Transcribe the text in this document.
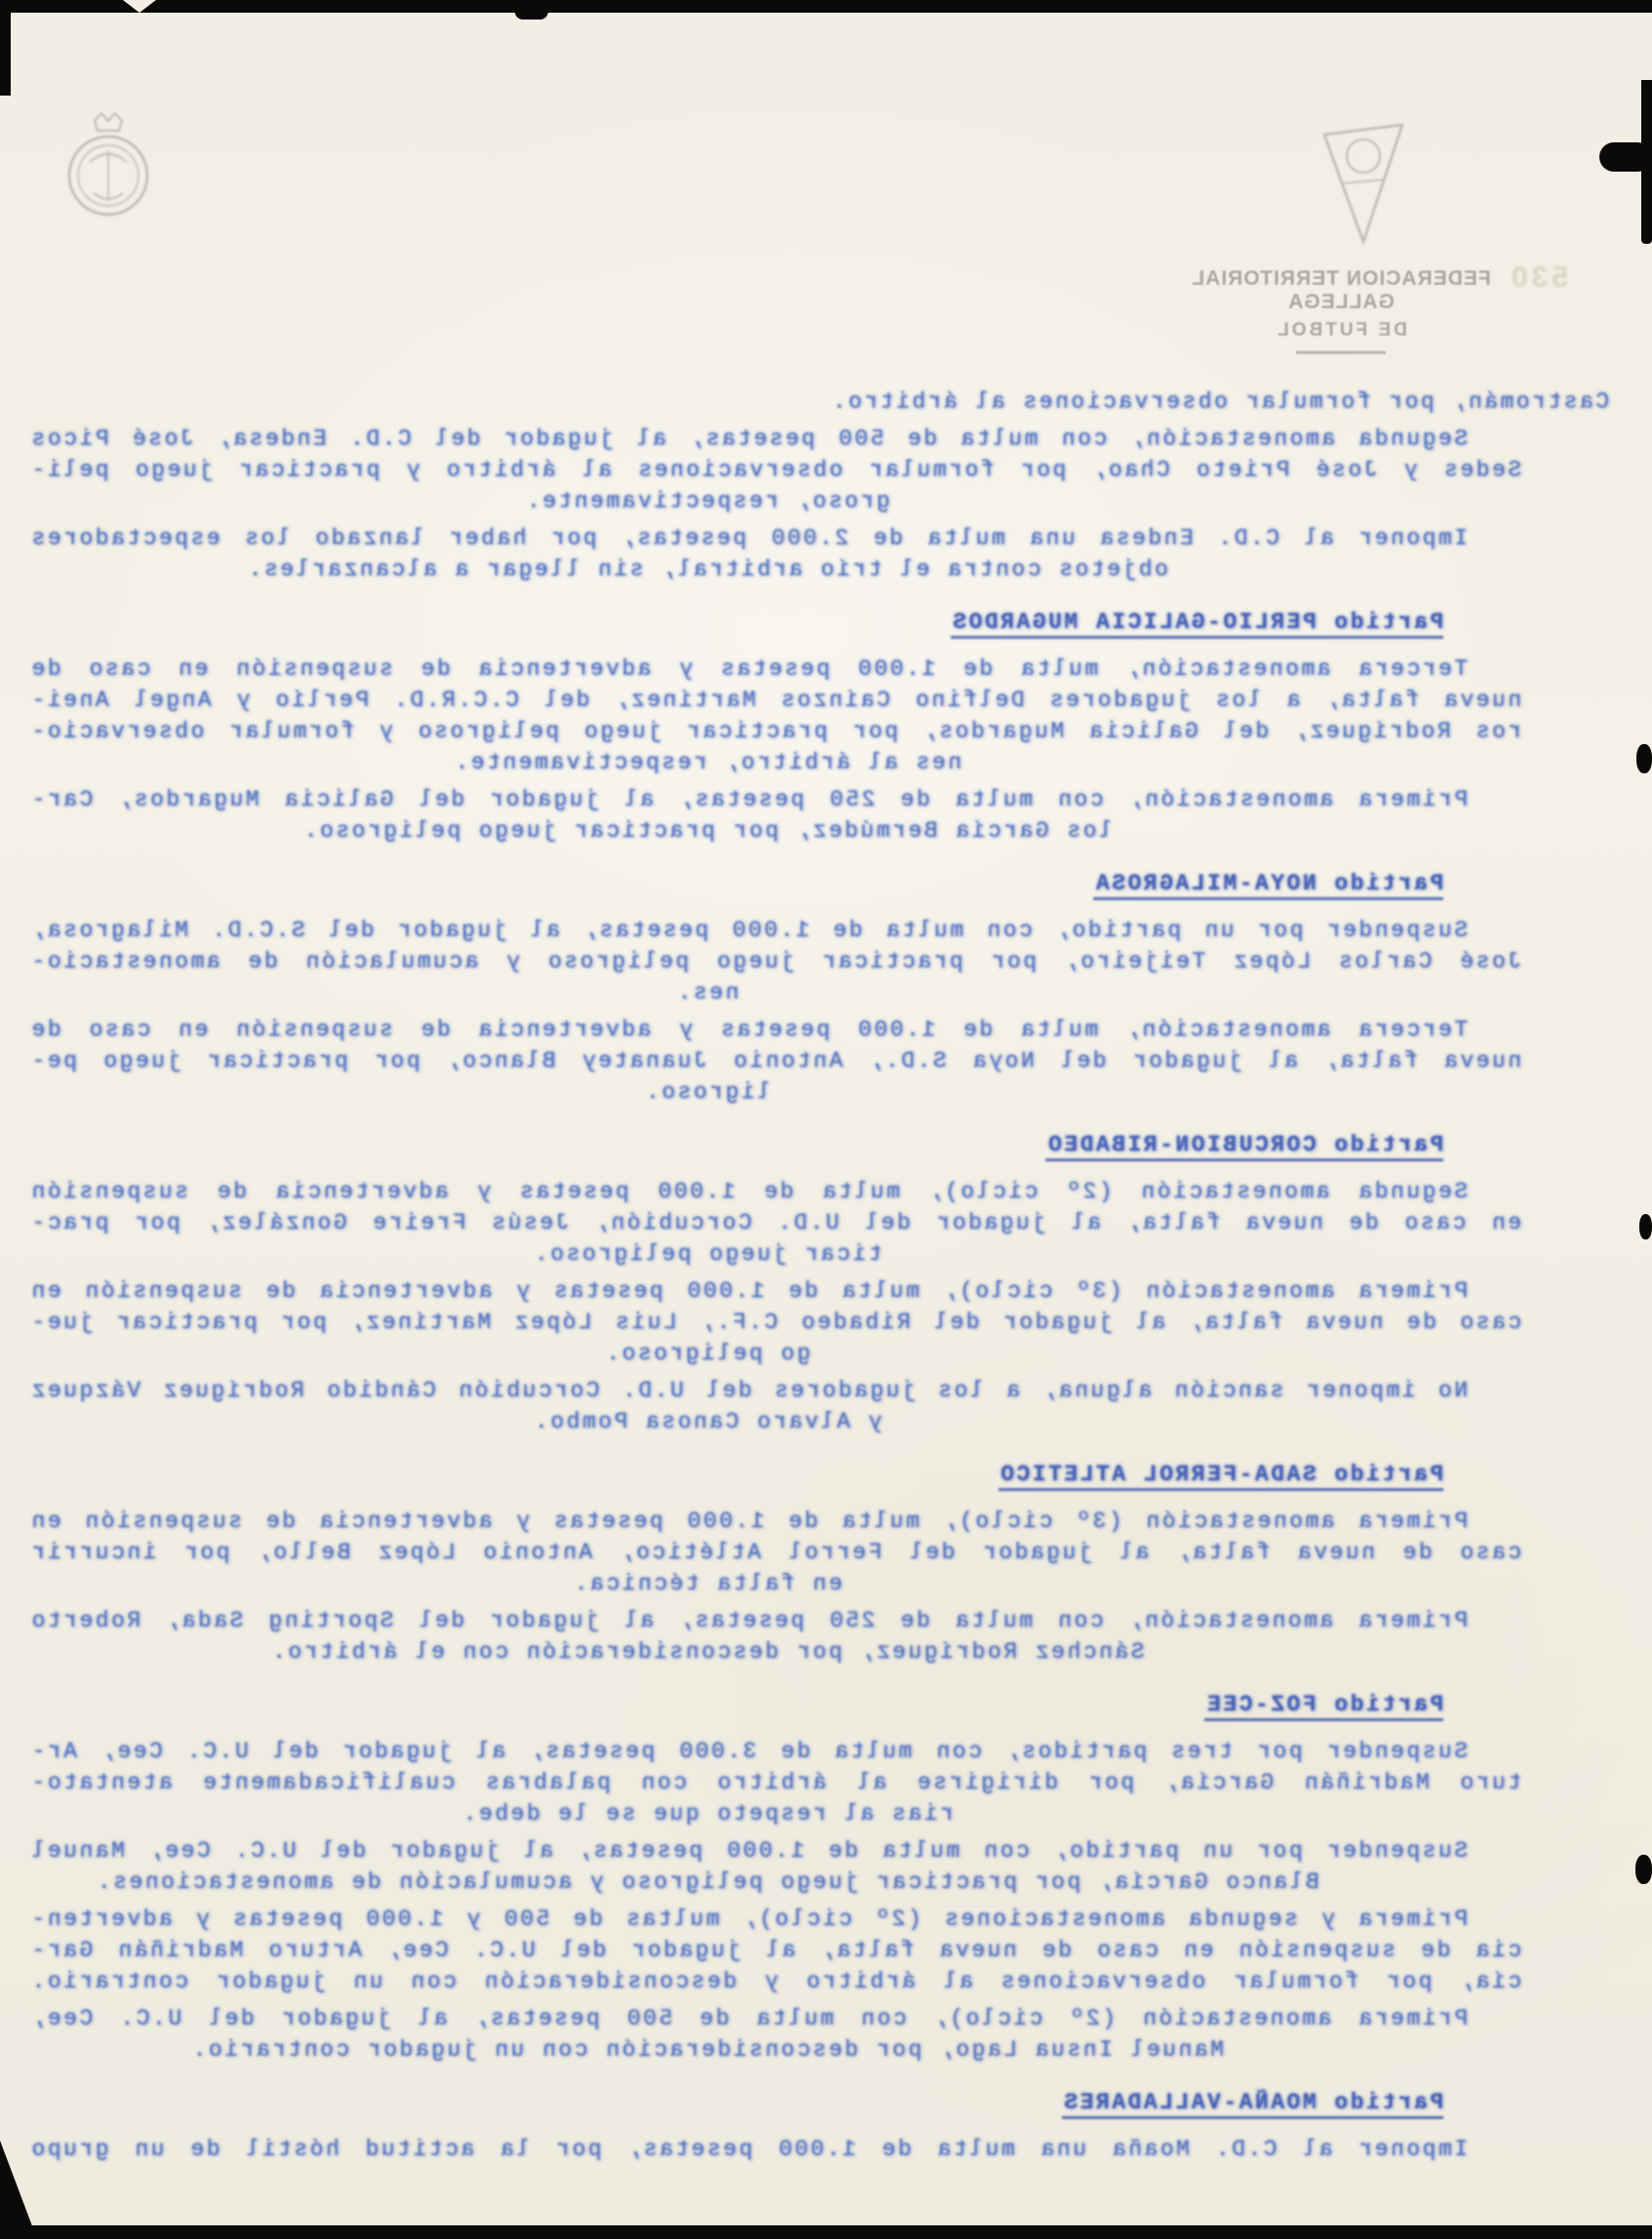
FEDERACION TERRITORIAL GALLEGA
DE FUTBOL
530
Castromán, por formular observaciones al árbitro.
Segunda amonestación, con multa de 500 pesetas, al jugador del C.D. Endesa, José Picos
Sedes y José Prieto Chao, por formular observaciones al árbitro y practicar juego peli-
groso, respectivamente.
Imponer al C.D. Endesa una multa de 2.000 pesetas, por haber lanzado los espectadores
objetos contra el trío arbitral, sin llegar a alcanzarles.
Partido PERLIO-GALICIA MUGARDOS
Tercera amonestación, multa de 1.000 pesetas y advertencia de suspensión en caso de
nueva falta, a los jugadores Delfino Caínzos Martínez, del C.C.R.D. Perlío y Angel Anei-
ros Rodríguez, del Galicia Mugardos, por practicar juego peligroso y formular observacio-
nes al árbitro, respectivamente.
Primera amonestación, con multa de 250 pesetas, al jugador del Galicia Mugardos, Car-
los García Bermúdez, por practicar juego peligroso.
Partido NOYA-MILAGROSA
Suspender por un partido, con multa de 1.000 pesetas, al jugador del S.C.D. Milagrosa,
José Carlos López Teijeiro, por practicar juego peligroso y acumulación de amonestacio-
nes.
Tercera amonestación, multa de 1.000 pesetas y advertencia de suspensión en caso de
nueva falta, al jugador del Noya S.D., Antonio Juanatey Blanco, por practicar juego pe-
ligroso.
Partido CORCUBION-RIBADEO
Segunda amonestación (2º ciclo), multa de 1.000 pesetas y advertencia de suspensión
en caso de nueva falta, al jugador del U.D. Corcubión, Jesús Freire González, por prac-
ticar juego peligroso.
Primera amonestación (3º ciclo), multa de 1.000 pesetas y advertencia de suspensión en
caso de nueva falta, al jugador del Ribadeo C.F., Luis López Martínez, por practicar jue-
go peligroso.
No imponer sanción alguna, a los jugadores del U.D. Corcubión Cándido Rodríguez Vázquez
y Alvaro Canosa Pombo.
Partido SADA-FERROL ATLETICO
Primera amonestación (3º ciclo), multa de 1.000 pesetas y advertencia de suspensión en
caso de nueva falta, al jugador del Ferrol Atlético, Antonio López Bello, por incurrir
en falta técnica.
Primera amonestación, con multa de 250 pesetas, al jugador del Sporting Sada, Roberto
Sánchez Rodríguez, por desconsideración con el árbitro.
Partido FOZ-CEE
Suspender por tres partidos, con multa de 3.000 pesetas, al jugador del U.C. Cee, Ar-
turo Madriñán García, por dirigirse al árbitro con palabras cualificadamente atentato-
rias al respeto que se le debe.
Suspender por un partido, con multa de 1.000 pesetas, al jugador del U.C. Cee, Manuel
Blanco García, por practicar juego peligroso y acumulación de amonestaciones.
Primera y segunda amonestaciones (2º ciclo), multas de 500 y 1.000 pesetas y adverten-
cia de suspensión en caso de nueva falta, al jugador del U.C. Cee, Arturo Madriñán Gar-
cía, por formular observaciones al árbitro y desconsideración con un jugador contrario.
Primera amonestación (2º ciclo), con multa de 500 pesetas, al jugador del U.C. Cee,
Manuel Insua Lago, por desconsideración con un jugador contrario.
Partido MOAÑA-VALLADARES
Imponer al C.D. Moaña una multa de 1.000 pesetas, por la actitud hóstil de un grupo
